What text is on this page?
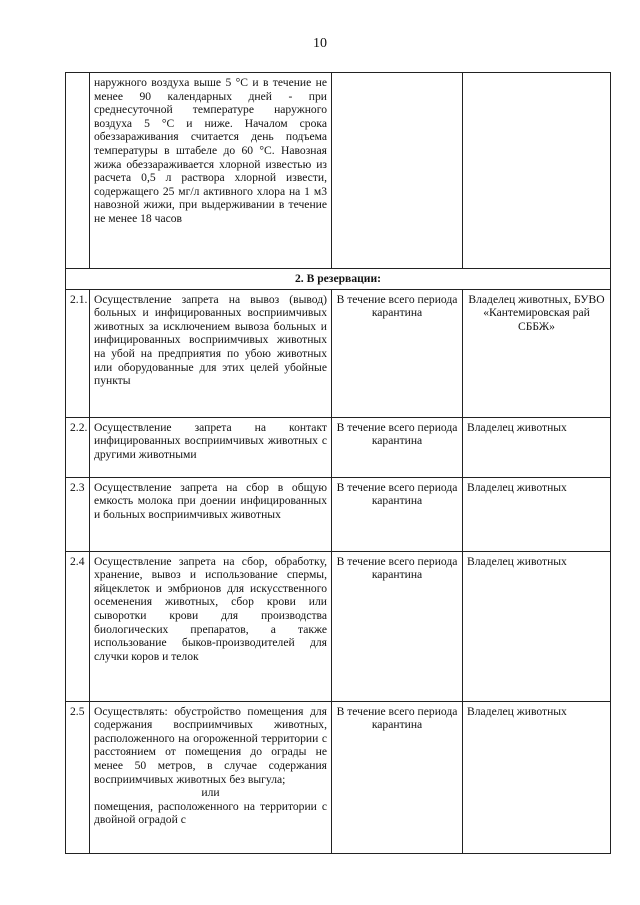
10
	наружного воздуха выше 5 °С и в течение не менее 90 календарных дней - при среднесуточной температуре наружного воздуха 5 °С и ниже. Началом срока обеззараживания считается день подъема температуры в штабеле до 60 °С. Навозная жижа обеззараживается хлорной известью из расчета 0,5 л раствора хлорной извести, содержащего 25 мг/л активного хлора на 1 м3 навозной жижи, при выдерживании в течение не менее 18 часов		
2. В резервации:			
2.1.	Осуществление запрета на вывоз (вывод) больных и инфицированных восприимчивых животных за исключением вывоза больных и инфицированных восприимчивых животных на убой на предприятия по убою животных или оборудованные для этих целей убойные пункты	В течение всего периода карантина	Владелец животных, БУВО «Кантемировская рай СББЖ»
2.2.	Осуществление запрета на контакт инфицированных восприимчивых животных с другими животными	В течение всего периода карантина	Владелец животных
2.3	Осуществление запрета на сбор в общую емкость молока при доении инфицированных и больных восприимчивых животных	В течение всего периода карантина	Владелец животных
2.4	Осуществление запрета на сбор, обработку, хранение, вывоз и использование спермы, яйцеклеток и эмбрионов для искусственного осеменения животных, сбор крови или сыворотки крови для производства биологических препаратов, а также использование быков-производителей для случки коров и телок	В течение всего периода карантина	Владелец животных
2.5	Осуществлять: обустройство помещения для содержания восприимчивых животных, расположенного на огороженной территории с расстоянием от помещения до ограды не менее 50 метров, в случае содержания восприимчивых животных без выгула;
или
помещения, расположенного на территории с двойной оградой с	В течение всего периода карантина	Владелец животных
